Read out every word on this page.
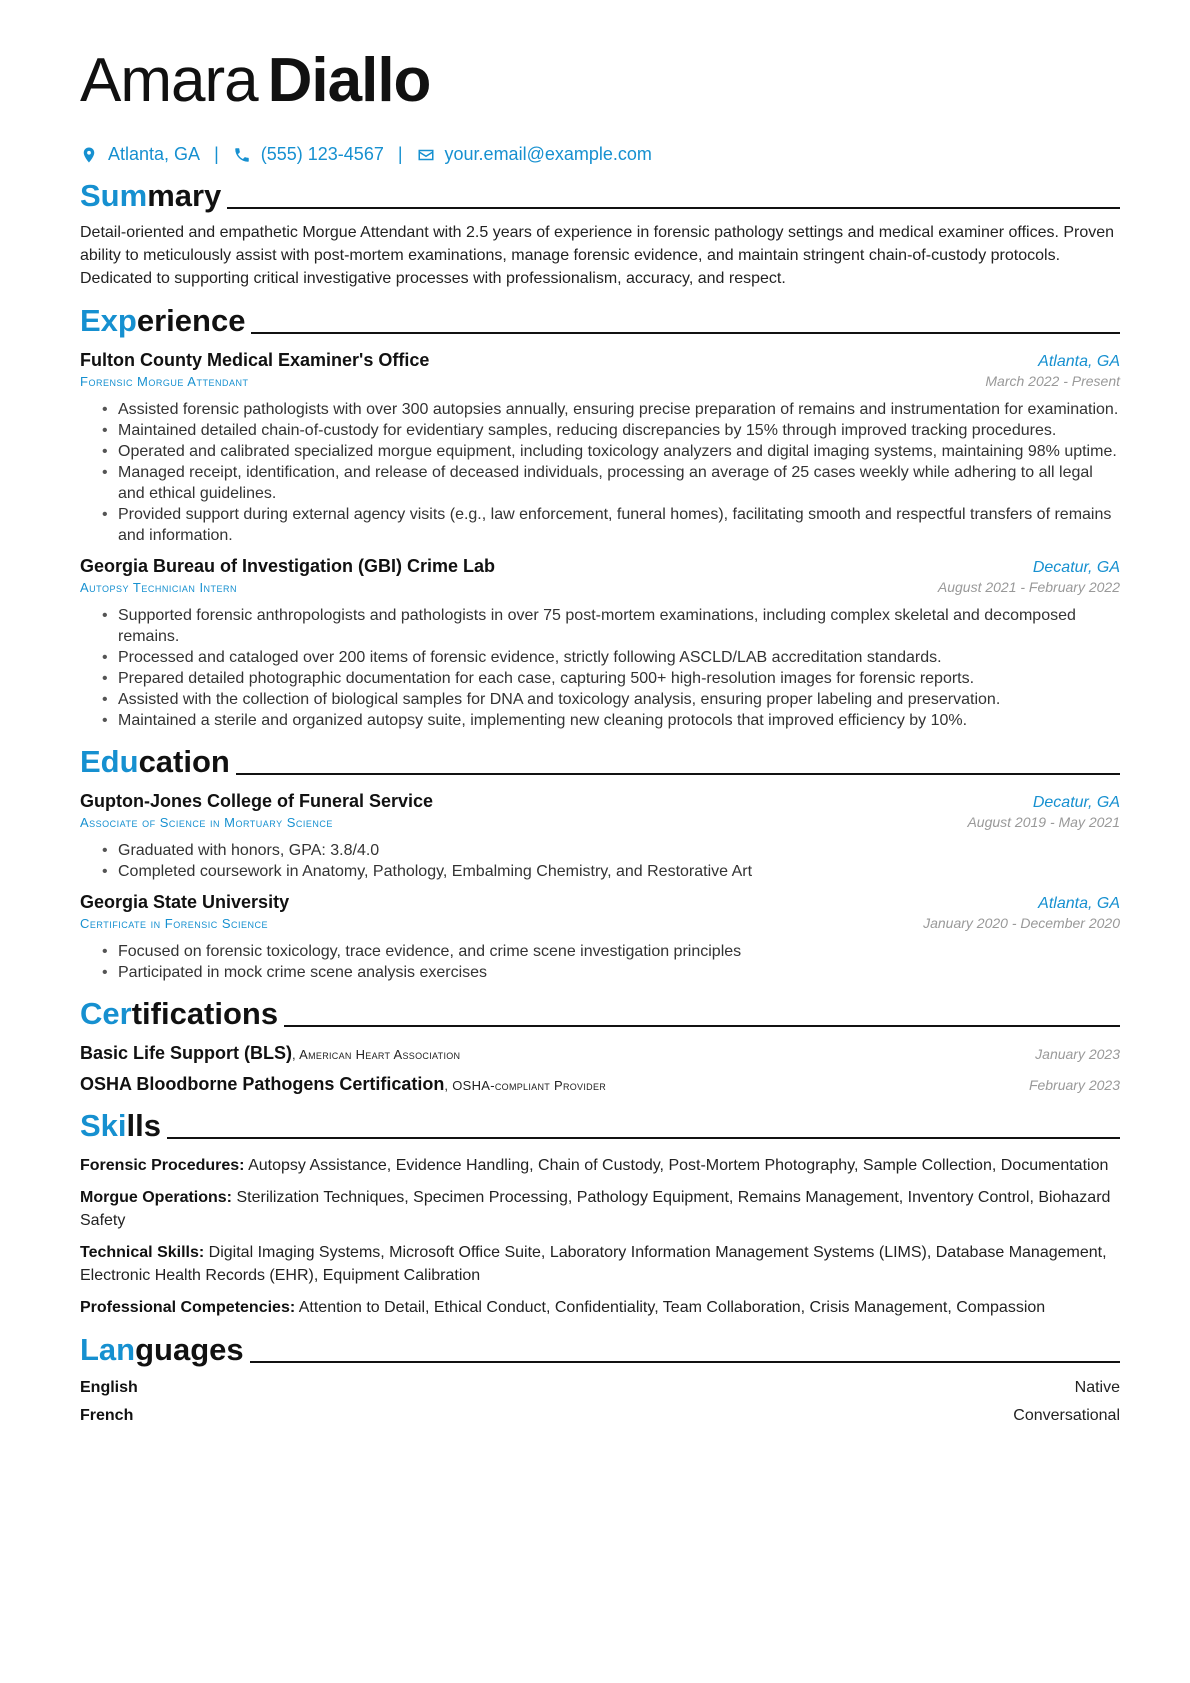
Amara Diallo
Atlanta, GA | (555) 123-4567 | your.email@example.com
Summary
Detail-oriented and empathetic Morgue Attendant with 2.5 years of experience in forensic pathology settings and medical examiner offices. Proven ability to meticulously assist with post-mortem examinations, manage forensic evidence, and maintain stringent chain-of-custody protocols. Dedicated to supporting critical investigative processes with professionalism, accuracy, and respect.
Experience
Fulton County Medical Examiner's Office	Atlanta, GA
Forensic Morgue Attendant	March 2022 - Present
• Assisted forensic pathologists with over 300 autopsies annually, ensuring precise preparation of remains and instrumentation for examination.
• Maintained detailed chain-of-custody for evidentiary samples, reducing discrepancies by 15% through improved tracking procedures.
• Operated and calibrated specialized morgue equipment, including toxicology analyzers and digital imaging systems, maintaining 98% uptime.
• Managed receipt, identification, and release of deceased individuals, processing an average of 25 cases weekly while adhering to all legal and ethical guidelines.
• Provided support during external agency visits (e.g., law enforcement, funeral homes), facilitating smooth and respectful transfers of remains and information.
Georgia Bureau of Investigation (GBI) Crime Lab	Decatur, GA
Autopsy Technician Intern	August 2021 - February 2022
• Supported forensic anthropologists and pathologists in over 75 post-mortem examinations, including complex skeletal and decomposed remains.
• Processed and cataloged over 200 items of forensic evidence, strictly following ASCLD/LAB accreditation standards.
• Prepared detailed photographic documentation for each case, capturing 500+ high-resolution images for forensic reports.
• Assisted with the collection of biological samples for DNA and toxicology analysis, ensuring proper labeling and preservation.
• Maintained a sterile and organized autopsy suite, implementing new cleaning protocols that improved efficiency by 10%.
Education
Gupton-Jones College of Funeral Service	Decatur, GA
Associate of Science in Mortuary Science	August 2019 - May 2021
• Graduated with honors, GPA: 3.8/4.0
• Completed coursework in Anatomy, Pathology, Embalming Chemistry, and Restorative Art
Georgia State University	Atlanta, GA
Certificate in Forensic Science	January 2020 - December 2020
• Focused on forensic toxicology, trace evidence, and crime scene investigation principles
• Participated in mock crime scene analysis exercises
Certifications
Basic Life Support (BLS), American Heart Association	January 2023
OSHA Bloodborne Pathogens Certification, OSHA-compliant Provider	February 2023
Skills
Forensic Procedures: Autopsy Assistance, Evidence Handling, Chain of Custody, Post-Mortem Photography, Sample Collection, Documentation
Morgue Operations: Sterilization Techniques, Specimen Processing, Pathology Equipment, Remains Management, Inventory Control, Biohazard Safety
Technical Skills: Digital Imaging Systems, Microsoft Office Suite, Laboratory Information Management Systems (LIMS), Database Management, Electronic Health Records (EHR), Equipment Calibration
Professional Competencies: Attention to Detail, Ethical Conduct, Confidentiality, Team Collaboration, Crisis Management, Compassion
Languages
English	Native
French	Conversational
